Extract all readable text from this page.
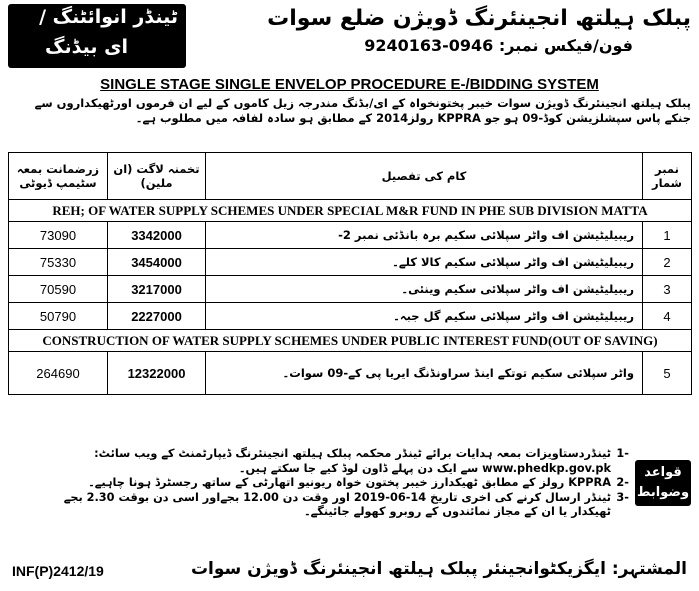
ٹینڈر انوائٹنگ /
ای بیڈنگ
پبلک ہیلتھ انجینئرنگ ڈویژن ضلع سوات
فون/فیکس نمبر: 0946-9240163
SINGLE STAGE SINGLE ENVELOP PROCEDURE E-/BIDDING SYSTEM
پبلک ہیلتھ انجینئرنگ ڈویژن سوات خیبر پختونخواہ کے ای/بڈنگ مندرجہ زیل کاموں کے لیے ان فرموں اورٹھیکداروں سے جنکے پاس سپشلزیشن کوڈ-09 ہو جو KPPRA رولز2014 کے مطابق ہو سادہ لفافہ میں مطلوب ہے۔
زرضمانت بمعہ سٹیمپ ڈیوٹی	تخمنہ لاگت (ان ملین)	کام کی تفصیل	نمبر شمار
REH; OF WATER SUPPLY SCHEMES UNDER SPECIAL M&R FUND IN PHE SUB DIVISION MATTA			
73090	3342000	ریبیلیٹیشن اف واٹر سپلائی سکیم برہ بانڈئی نمبر 2-	1
75330	3454000	ریبیلیٹیشن اف واٹر سپلائی سکیم کالا کلے۔	2
70590	3217000	ریبیلیٹیشن اف واٹر سپلائی سکیم وینئی۔	3
50790	2227000	ریبیلیٹیشن اف واٹر سپلائی سکیم گل جبہ۔	4
CONSTRUCTION OF WATER SUPPLY SCHEMES UNDER PUBLIC INTEREST FUND(OUT OF SAVING)			
264690	12322000	واٹر سپلائی سکیم توتکے اینڈ سراونڈنگ ایریا پی کے-09 سوات۔	5
قواعد وضوابط
-1
ٹینڈردستاویزات بمعہ ہدایات برائے ٹینڈر محکمہ پبلک ہیلتھ انجینئرنگ ڈیپارٹمنٹ کے ویب سائٹ: www.phedkp.gov.pk سے ایک دن پہلے ڈاون لوڈ کیے جا سکتے ہیں۔
-2
KPPRA رولز کے مطابق ٹھیکدارز خیبر پختون خواہ ریونیو اتھارٹی کے ساتھ رجسٹرڈ ہونا چاہیے۔
-3
ٹینڈر ارسال کرنے کی اخری تاریخ 14-06-2019 اور وقت دن 12.00 بجےاور اسی دن بوقت 2.30 بجے ٹھیکدار یا ان کے مجاز نمائندوں کے روبرو کھولے جائینگے۔
INF(P)2412/19	المشتہر: ایگزیکٹوانجینئر پبلک ہیلتھ انجینئرنگ ڈویژن سوات
